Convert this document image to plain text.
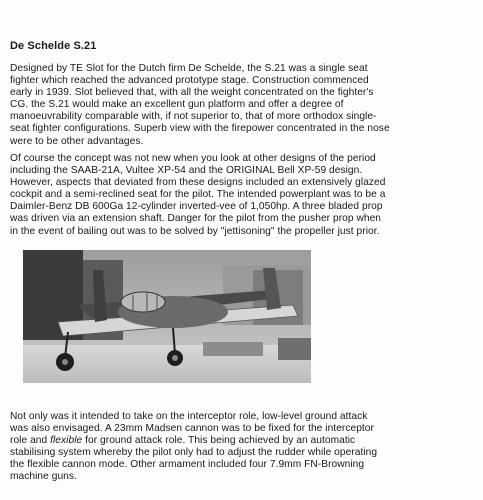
De Schelde S.21
Designed by TE Slot for the Dutch firm De Schelde, the S.21 was a single seat
fighter which reached the advanced prototype stage. Construction commenced
early in 1939. Slot believed that, with all the weight concentrated on the fighter's
CG. the S.21 would make an excellent gun platform and offer a degree of
manoeuvrability comparable with, if not superior to, that of more orthodox single-
seat fighter configurations. Superb view with the firepower concentrated in the nose
were to be other advantages.
Of course the concept was not new when you look at other designs of the period
including the SAAB-21A, Vultee XP-54 and the ORIGINAL Bell XP-59 design.
However, aspects that deviated from these designs included an extensively glazed
cockpit and a semi-reclined seat for the pilot. The intended powerplant was to be a
Daimler-Benz DB 600Ga 12-cylinder inverted-vee of 1,050hp. A three bladed prop
was driven via an extension shaft. Danger for the pilot from the pusher prop when
in the event of bailing out was to be solved by "jettisoning" the propeller just prior.
Not only was it intended to take on the interceptor role, low-level ground attack
was also envisaged. A 23mm Madsen cannon was to be fixed for the interceptor
role and flexible for ground attack role. This being achieved by an automatic
stabilising system whereby the pilot only had to adjust the rudder while operating
the flexible cannon mode. Other armament included four 7.9mm FN-Browning
machine guns.
